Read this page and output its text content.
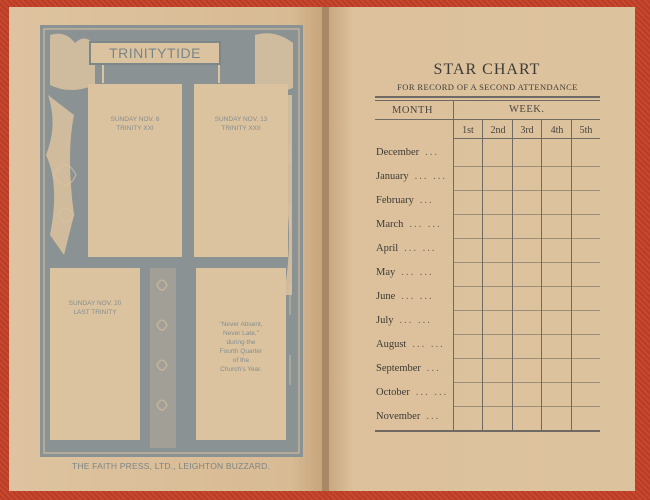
TRINITYTIDE
SUNDAY NOV. 6
TRINITY XXI
SUNDAY NOV. 13
TRINITY XXII
SUNDAY NOV. 20
LAST TRINITY
"Never Absent,
Never Late,"
during the
Fourth Quarter
of the
Church's Year.
THE FAITH PRESS, LTD., LEIGHTON BUZZARD.
STAR CHART
FOR RECORD OF A SECOND ATTENDANCE
MONTH	WEEK.
1st	2nd	3rd	4th	5th
December ...
January ... ...
February ...
March ... ...
April ... ...
May ... ...
June ... ...
July ... ...
August ... ...
September ...
October ... ...
November ...
